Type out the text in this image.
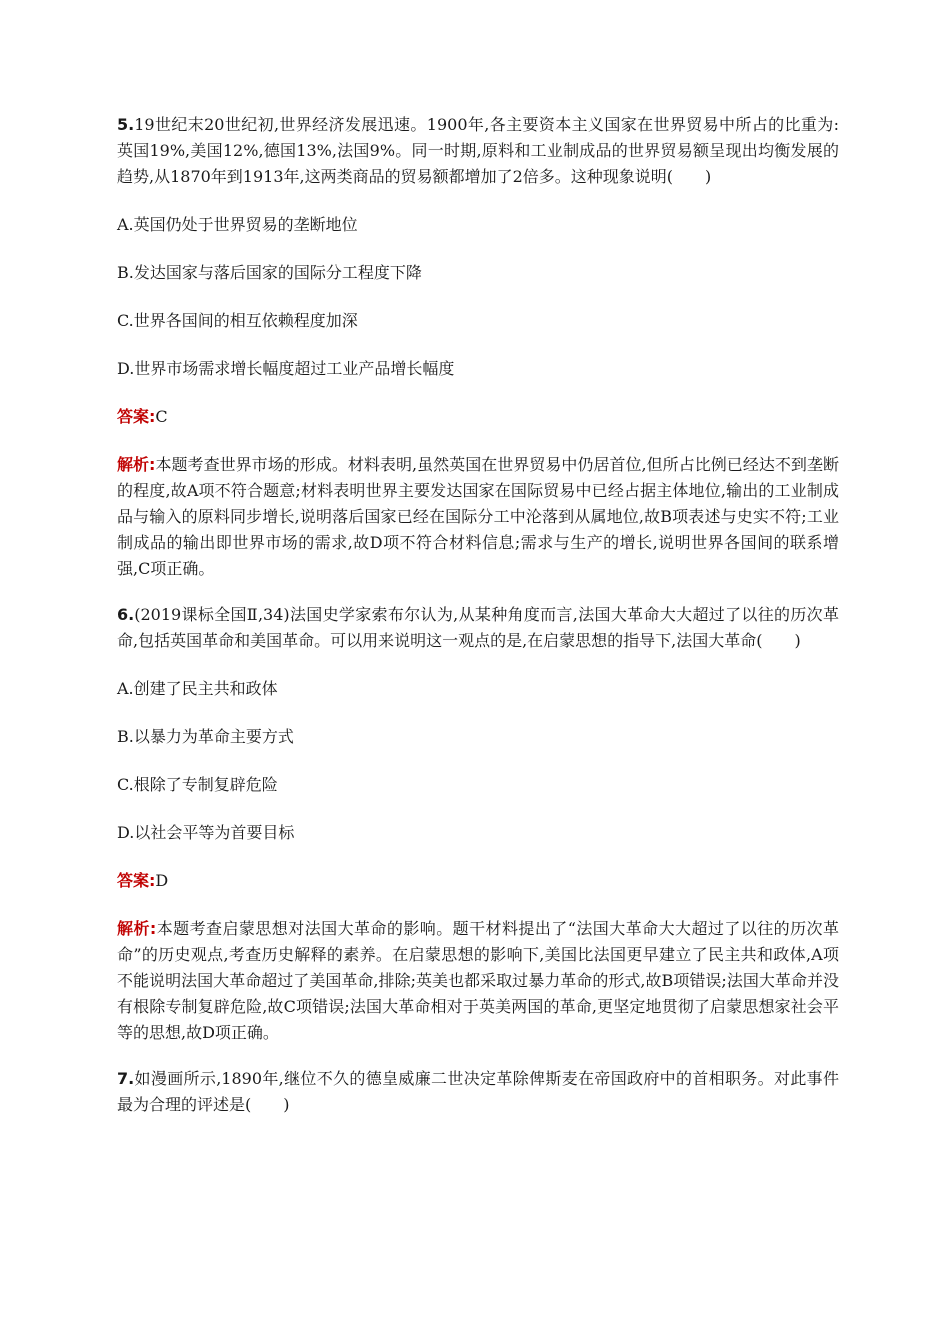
5.19世纪末20世纪初,世界经济发展迅速。1900年,各主要资本主义国家在世界贸易中所占的比重为:英国19%,美国12%,德国13%,法国9%。同一时期,原料和工业制成品的世界贸易额呈现出均衡发展的趋势,从1870年到1913年,这两类商品的贸易额都增加了2倍多。这种现象说明(　　)

A.英国仍处于世界贸易的垄断地位

B.发达国家与落后国家的国际分工程度下降

C.世界各国间的相互依赖程度加深

D.世界市场需求增长幅度超过工业产品增长幅度

答案:C

解析:本题考查世界市场的形成。材料表明,虽然英国在世界贸易中仍居首位,但所占比例已经达不到垄断的程度,故A项不符合题意;材料表明世界主要发达国家在国际贸易中已经占据主体地位,输出的工业制成品与输入的原料同步增长,说明落后国家已经在国际分工中沦落到从属地位,故B项表述与史实不符;工业制成品的输出即世界市场的需求,故D项不符合材料信息;需求与生产的增长,说明世界各国间的联系增强,C项正确。

6.(2019课标全国Ⅱ,34)法国史学家索布尔认为,从某种角度而言,法国大革命大大超过了以往的历次革命,包括英国革命和美国革命。可以用来说明这一观点的是,在启蒙思想的指导下,法国大革命(　　)

A.创建了民主共和政体

B.以暴力为革命主要方式

C.根除了专制复辟危险

D.以社会平等为首要目标

答案:D

解析:本题考查启蒙思想对法国大革命的影响。题干材料提出了“法国大革命大大超过了以往的历次革命”的历史观点,考查历史解释的素养。在启蒙思想的影响下,美国比法国更早建立了民主共和政体,A项不能说明法国大革命超过了美国革命,排除;英美也都采取过暴力革命的形式,故B项错误;法国大革命并没有根除专制复辟危险,故C项错误;法国大革命相对于英美两国的革命,更坚定地贯彻了启蒙思想家社会平等的思想,故D项正确。

7.如漫画所示,1890年,继位不久的德皇威廉二世决定革除俾斯麦在帝国政府中的首相职务。对此事件最为合理的评述是(　　)
